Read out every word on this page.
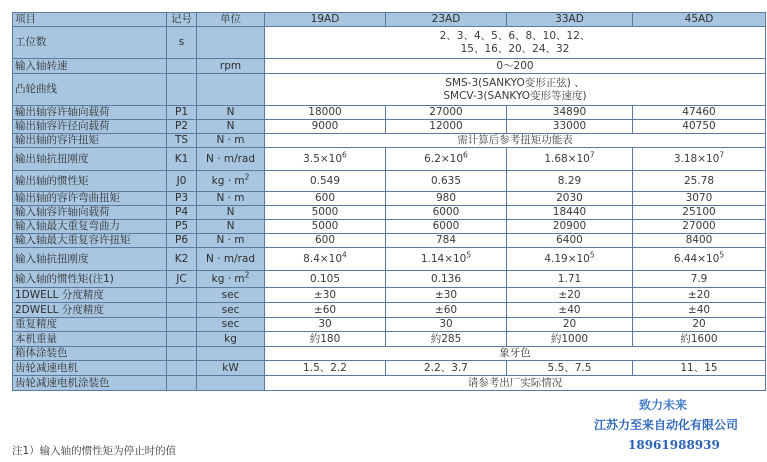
项目	记号	单位	19AD	23AD	33AD	45AD
工位数	s		2、3、4、5、6、8、10、12、
15、16、20、24、32			
输入轴转速		rpm	0～200			
凸轮曲线			SMS-3(SANKYO变形正弦) 、
SMCV-3(SANKYO变形等速度)			
输出轴容许轴向载荷	P1	N	18000	27000	34890	47460
输出轴容许径向载荷	P2	N	9000	12000	33000	40750
输出轴的容许扭矩	TS	N · m	需计算后参考扭矩功能表			
输出轴抗扭刚度	K1	N · m/rad	$3.5\times 10^6$	$6.2\times 10^6$	$1.68\times 10^7$	$3.18\times 10^7$
输出轴的惯性矩	J0	kg · $m^2$	0.549	0.635	8.29	25.78
输出轴的容许弯曲扭矩	P3	N · m	600	980	2030	3070
输入轴容许轴向载荷	P4	N	5000	6000	18440	25100
输入轴最大重复弯曲力	P5	N	5000	6000	20900	27000
输入轴最大重复容许扭矩	P6	N · m	600	784	6400	8400
输入轴抗扭刚度	K2	N · m/rad	$8.4\times 10^4$	$1.14\times 10^5$	$4.19\times 10^5$	$6.44\times 10^5$
输入轴的惯性矩(注1)	JC	kg · $m^2$	0.105	0.136	1.71	7.9
1DWELL 分度精度		sec	±30	±30	±20	±20
2DWELL 分度精度		sec	±60	±60	±40	±40
重复精度		sec	30	30	20	20
本机重量		kg	約180	約285	約1000	約1600
箱体涂装色			象牙色			
齿轮减速电机		kW	1.5、2.2	2.2、3.7	5.5、7.5	11、15
齿轮减速电机涂装色			请参考出厂实际情况			
注1）输入轴的惯性矩为停止时的值
致力未来
江苏力至来自动化有限公司
18961988939
